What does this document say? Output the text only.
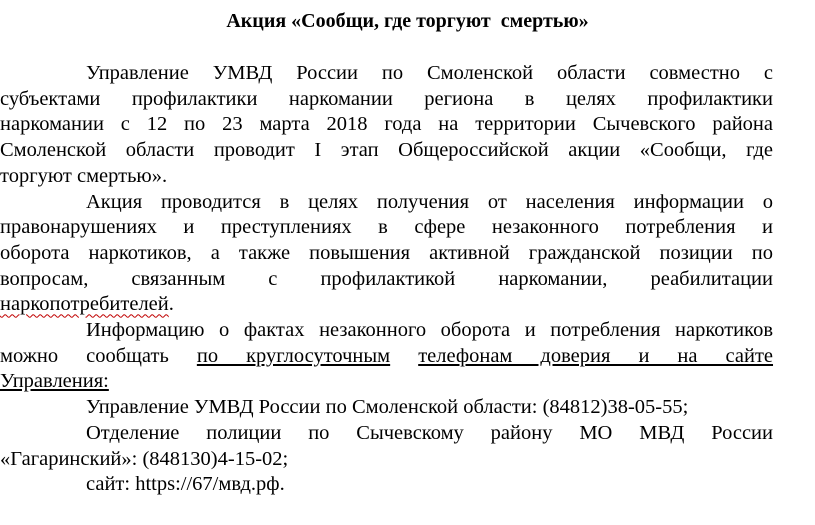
Акция «Сообщи, где торгуют  смертью»
Управление УМВД России по Смоленской области совместно с
субъектами профилактики наркомании региона в целях профилактики
наркомании с 12 по 23 марта 2018 года на территории Сычевского района
Смоленской области проводит I этап Общероссийской акции «Сообщи, где
торгуют смертью».
Акция проводится в целях получения от населения информации о
правонарушениях и преступлениях в сфере незаконного потребления и
оборота наркотиков, а также повышения активной гражданской позиции по
вопросам, связанным с профилактикой наркомании, реабилитации
наркопотребителей.
Информацию о фактах незаконного оборота и потребления наркотиков
можно сообщать по круглосуточным телефонам доверия и на сайте
Управления:
Управление УМВД России по Смоленской области: (84812)38-05-55;
Отделение полиции по Сычевскому району МО МВД России
«Гагаринский»: (848130)4-15-02;
сайт: https://67/мвд.рф.
